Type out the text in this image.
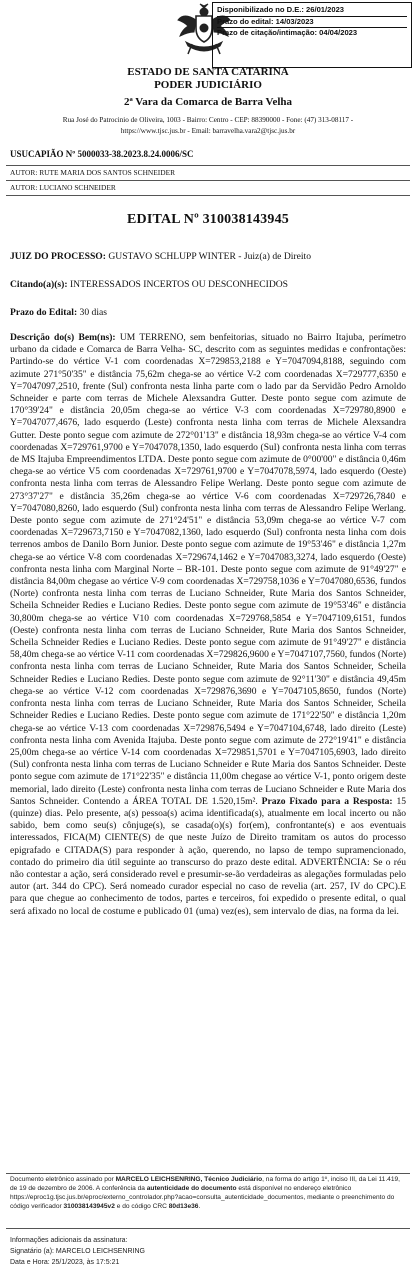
Disponibilizado no D.E.: 26/01/2023
Prazo do edital: 14/03/2023
Prazo de citação/intimação: 04/04/2023
ESTADO DE SANTA CATARINA
PODER JUDICIÁRIO
2ª Vara da Comarca de Barra Velha
Rua José do Patrocinio de Oliveira, 1003 - Bairro: Centro - CEP: 88390000 - Fone: (47) 313-08117 -
https://www.tjsc.jus.br - Email: barravelha.vara2@tjsc.jus.br
USUCAPIÃO Nº 5000033-38.2023.8.24.0006/SC
AUTOR: RUTE MARIA DOS SANTOS SCHNEIDER
AUTOR: LUCIANO SCHNEIDER
EDITAL Nº 310038143945
JUIZ DO PROCESSO: GUSTAVO SCHLUPP WINTER - Juiz(a) de Direito
Citando(a)(s): INTERESSADOS INCERTOS OU DESCONHECIDOS
Prazo do Edital: 30 dias
Descrição do(s) Bem(ns): UM TERRENO, sem benfeitorias, situado no Bairro Itajuba, perímetro urbano da cidade e Comarca de Barra Velha- SC, descrito com as seguintes medidas e confrontações: Partindo-se do vértice V-1 com coordenadas X=729853,2188 e Y=7047094,8188, seguindo com azimute 271°50'35" e distância 75,62m chega-se ao vértice V-2 com coordenadas X=729777,6350 e Y=7047097,2510, frente (Sul) confronta nesta linha parte com o lado par da Servidão Pedro Arnoldo Schneider e parte com terras de Michele Alexsandra Gutter. Deste ponto segue com azimute de 170°39'24" e distância 20,05m chega-se ao vértice V-3 com coordenadas X=729780,8900 e Y=7047077,4676, lado esquerdo (Leste) confronta nesta linha com terras de Michele Alexsandra Gutter. Deste ponto segue com azimute de 272°01'13" e distância 18,93m chega-se ao vértice V-4 com coordenadas X=729761,9700 e Y=7047078,1350, lado esquerdo (Sul) confronta nesta linha com terras de MS Itajuba Empreendimentos LTDA. Deste ponto segue com azimute de 0°00'00" e distância 0,46m chega-se ao vértice V5 com coordenadas X=729761,9700 e Y=7047078,5974, lado esquerdo (Oeste) confronta nesta linha com terras de Alessandro Felipe Werlang. Deste ponto segue com azimute de 273°37'27" e distância 35,26m chega-se ao vértice V-6 com coordenadas X=729726,7840 e Y=7047080,8260, lado esquerdo (Sul) confronta nesta linha com terras de Alessandro Felipe Werlang. Deste ponto segue com azimute de 271°24'51" e distância 53,09m chega-se ao vértice V-7 com coordenadas X=729673,7150 e Y=7047082,1360, lado esquerdo (Sul) confronta nesta linha com dois terrenos ambos de Danilo Born Junior. Deste ponto segue com azimute de 19°53'46" e distância 1,27m chega-se ao vértice V-8 com coordenadas X=729674,1462 e Y=7047083,3274, lado esquerdo (Oeste) confronta nesta linha com Marginal Norte – BR-101. Deste ponto segue com azimute de 91°49'27" e distância 84,00m chegase ao vértice V-9 com coordenadas X=729758,1036 e Y=7047080,6536, fundos (Norte) confronta nesta linha com terras de Luciano Schneider, Rute Maria dos Santos Schneider, Scheila Schneider Redies e Luciano Redies. Deste ponto segue com azimute de 19°53'46" e distância 30,800m chega-se ao vértice V10 com coordenadas X=729768,5854 e Y=7047109,6151, fundos (Oeste) confronta nesta linha com terras de Luciano Schneider, Rute Maria dos Santos Schneider, Scheila Schneider Redies e Luciano Redies. Deste ponto segue com azimute de 91°49'27" e distância 58,40m chega-se ao vértice V-11 com coordenadas X=729826,9600 e Y=7047107,7560, fundos (Norte) confronta nesta linha com terras de Luciano Schneider, Rute Maria dos Santos Schneider, Scheila Schneider Redies e Luciano Redies. Deste ponto segue com azimute de 92°11'30" e distância 49,45m chega-se ao vértice V-12 com coordenadas X=729876,3690 e Y=7047105,8650, fundos (Norte) confronta nesta linha com terras de Luciano Schneider, Rute Maria dos Santos Schneider, Scheila Schneider Redies e Luciano Redies. Deste ponto segue com azimute de 171°22'50" e distância 1,20m chega-se ao vértice V-13 com coordenadas X=729876,5494 e Y=7047104,6748, lado direito (Leste) confronta nesta linha com Avenida Itajuba. Deste ponto segue com azimute de 272°19'41" e distância 25,00m chega-se ao vértice V-14 com coordenadas X=729851,5701 e Y=7047105,6903, lado direito (Sul) confronta nesta linha com terras de Luciano Schneider e Rute Maria dos Santos Schneider. Deste ponto segue com azimute de 171°22'35" e distância 11,00m chegase ao vértice V-1, ponto origem deste memorial, lado direito (Leste) confronta nesta linha com terras de Luciano Schneider e Rute Maria dos Santos Schneider. Contendo a ÁREA TOTAL DE 1.520,15m². Prazo Fixado para a Resposta: 15 (quinze) dias. Pelo presente, a(s) pessoa(s) acima identificada(s), atualmente em local incerto ou não sabido, bem como seu(s) cônjuge(s), se casada(o)(s) for(em), confrontante(s) e aos eventuais interessados, FICA(M) CIENTE(S) de que neste Juízo de Direito tramitam os autos do processo epigrafado e CITADA(S) para responder à ação, querendo, no lapso de tempo supramencionado, contado do primeiro dia útil seguinte ao transcurso do prazo deste edital. ADVERTÊNCIA: Se o réu não contestar a ação, será considerado revel e presumir-se-ão verdadeiras as alegações formuladas pelo autor (art. 344 do CPC). Será nomeado curador especial no caso de revelia (art. 257, IV do CPC).E para que chegue ao conhecimento de todos, partes e terceiros, foi expedido o presente edital, o qual será afixado no local de costume e publicado 01 (uma) vez(es), sem intervalo de dias, na forma da lei.
Documento eletrônico assinado por MARCELO LEICHSENRING, Técnico Judiciário, na forma do artigo 1º, inciso III, da Lei 11.419, de 19 de dezembro de 2006. A conferência da autenticidade do documento está disponível no endereço eletrônico https://eproc1g.tjsc.jus.br/eproc/externo_controlador.php?acao=consulta_autenticidade_documentos, mediante o preenchimento do código verificador 310038143945v2 e do código CRC 80d13e36.
Informações adicionais da assinatura:
Signatário (a): MARCELO LEICHSENRING
Data e Hora: 25/1/2023, às 17:5:21
